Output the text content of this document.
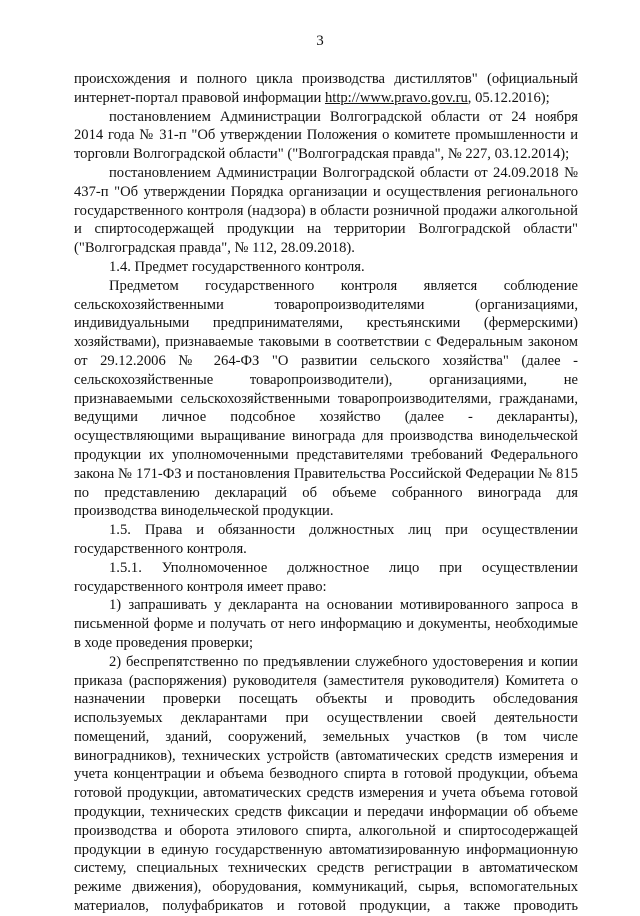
3

происхождения и полного цикла производства дистиллятов" (официальный интернет-портал правовой информации http://www.pravo.gov.ru, 05.12.2016);

постановлением Администрации Волгоградской области от 24 ноября 2014 года № 31-п "Об утверждении Положения о комитете промышленности и торговли Волгоградской области" ("Волгоградская правда", № 227, 03.12.2014);

постановлением Администрации Волгоградской области от 24.09.2018 № 437-п "Об утверждении Порядка организации и осуществления регионального государственного контроля (надзора) в области розничной продажи алкогольной и спиртосодержащей продукции на территории Волгоградской области" ("Волгоградская правда", № 112, 28.09.2018).

1.4. Предмет государственного контроля.

Предметом государственного контроля является соблюдение сельскохозяйственными товаропроизводителями (организациями, индивидуальными предпринимателями, крестьянскими (фермерскими) хозяйствами), признаваемые таковыми в соответствии с Федеральным законом от 29.12.2006 № 264-ФЗ "О развитии сельского хозяйства" (далее - сельскохозяйственные товаропроизводители), организациями, не признаваемыми сельскохозяйственными товаропроизводителями, гражданами, ведущими личное подсобное хозяйство (далее - декларанты), осуществляющими выращивание винограда для производства винодельческой продукции их уполномоченными представителями требований Федерального закона № 171-ФЗ и постановления Правительства Российской Федерации № 815 по представлению деклараций об объеме собранного винограда для производства винодельческой продукции.

1.5. Права и обязанности должностных лиц при осуществлении государственного контроля.

1.5.1. Уполномоченное должностное лицо при осуществлении государственного контроля имеет право:

1) запрашивать у декларанта на основании мотивированного запроса в письменной форме и получать от него информацию и документы, необходимые в ходе проведения проверки;

2) беспрепятственно по предъявлении служебного удостоверения и копии приказа (распоряжения) руководителя (заместителя руководителя) Комитета о назначении проверки посещать объекты и проводить обследования используемых декларантами при осуществлении своей деятельности помещений, зданий, сооружений, земельных участков (в том числе виноградников), технических устройств (автоматических средств измерения и учета концентрации и объема безводного спирта в готовой продукции, объема готовой продукции, автоматических средств измерения и учета объема готовой продукции, технических средств фиксации и передачи информации об объеме производства и оборота этилового спирта, алкогольной и спиртосодержащей продукции в единую государственную автоматизированную информационную систему, специальных технических средств регистрации в автоматическом режиме движения), оборудования, коммуникаций, сырья, вспомогательных материалов, полуфабрикатов и готовой продукции, а также проводить
